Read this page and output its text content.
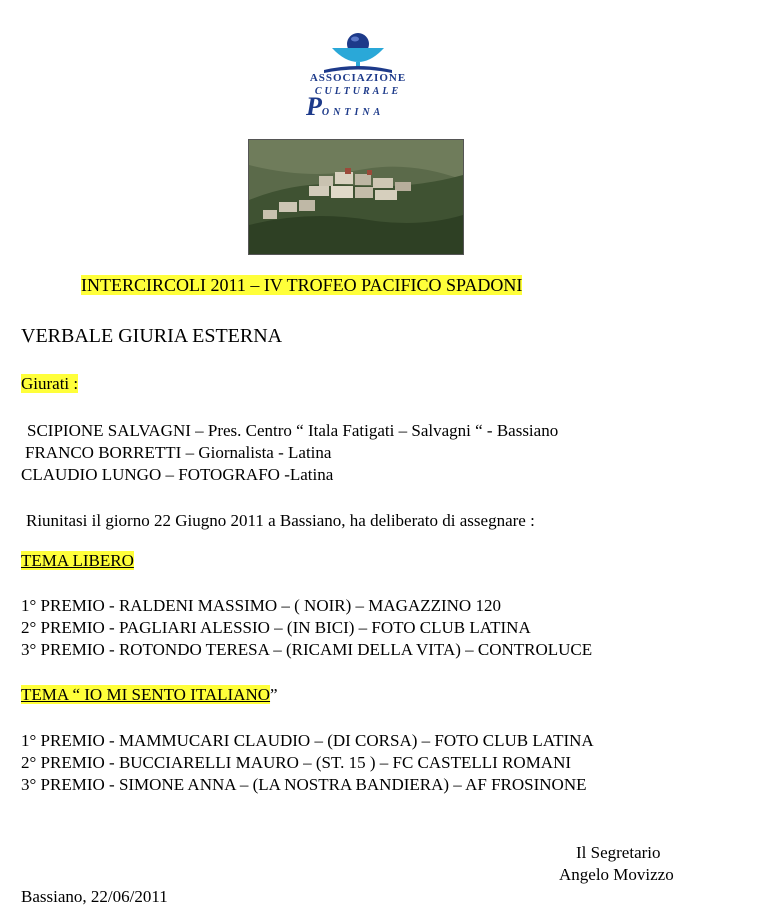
ASSOCIAZIONE
CULTURALE
PONTINA
INTERCIRCOLI 2011 – IV TROFEO PACIFICO SPADONI
VERBALE GIURIA ESTERNA
Giurati :
SCIPIONE SALVAGNI – Pres. Centro “ Itala Fatigati – Salvagni “ - Bassiano
FRANCO BORRETTI – Giornalista - Latina
CLAUDIO LUNGO – FOTOGRAFO -Latina
Riunitasi il giorno 22 Giugno 2011 a Bassiano, ha deliberato di assegnare :
TEMA LIBERO
1° PREMIO - RALDENI MASSIMO – ( NOIR) – MAGAZZINO 120
2° PREMIO - PAGLIARI ALESSIO – (IN BICI) – FOTO CLUB LATINA
3° PREMIO - ROTONDO TERESA – (RICAMI DELLA VITA) – CONTROLUCE
TEMA “ IO MI SENTO ITALIANO”
1° PREMIO - MAMMUCARI CLAUDIO – (DI CORSA) – FOTO CLUB LATINA
2° PREMIO - BUCCIARELLI MAURO – (ST. 15 ) – FC CASTELLI ROMANI
3° PREMIO - SIMONE ANNA – (LA NOSTRA BANDIERA) – AF FROSINONE
Il Segretario
Angelo Movizzo
Bassiano, 22/06/2011
